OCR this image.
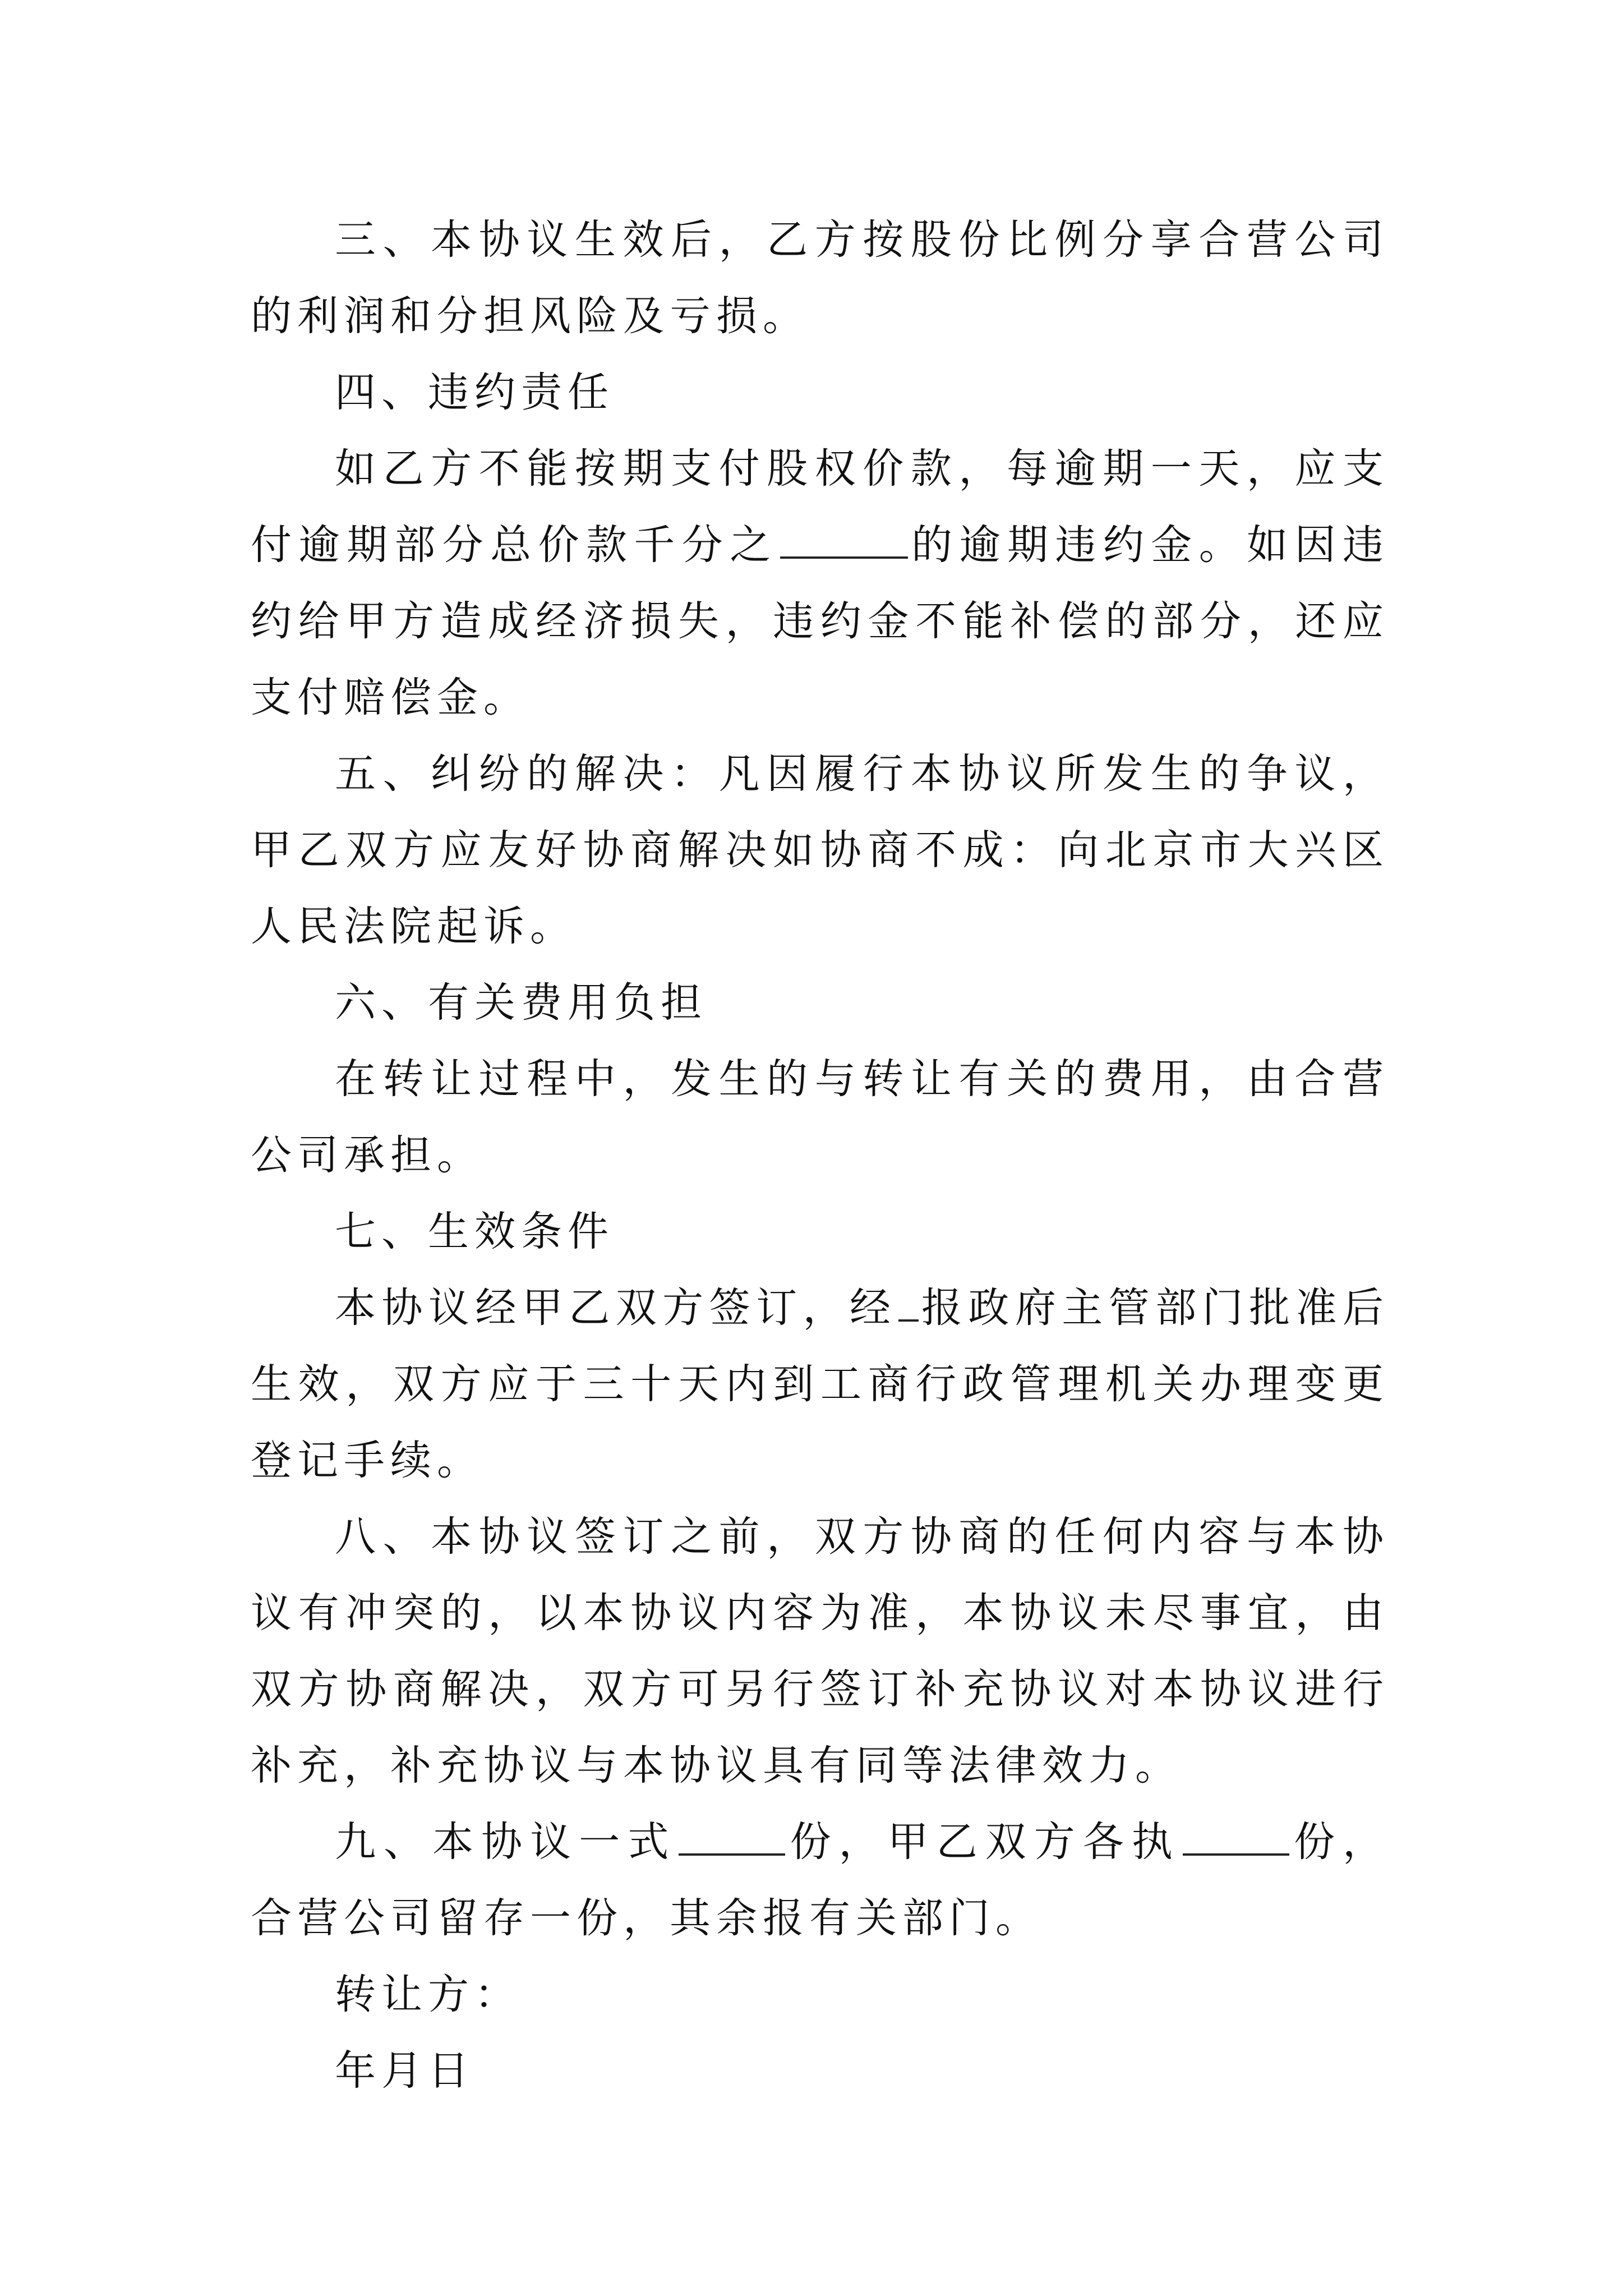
三、本协议生效后，乙方按股份比例分享合营公司的利润和分担风险及亏损。

四、违约责任

如乙方不能按期支付股权价款，每逾期一天，应支付逾期部分总价款千分之	的逾期违约金。如因违约给甲方造成经济损失，违约金不能补偿的部分，还应支付赔偿金。

五、纠纷的解决：凡因履行本协议所发生的争议，甲乙双方应友好协商解决如协商不成：向北京市大兴区人民法院起诉。

六、有关费用负担

在转让过程中，发生的与转让有关的费用，由合营公司承担。

七、生效条件

本协议经甲乙双方签订，经 报政府主管部门批准后生效，双方应于三十天内到工商行政管理机关办理变更登记手续。

八、本协议签订之前，双方协商的任何内容与本协议有冲突的，以本协议内容为准，本协议未尽事宜，由双方协商解决，双方可另行签订补充协议对本协议进行补充，补充协议与本协议具有同等法律效力。

九、本协议一式	份，甲乙双方各执	份，合营公司留存一份，其余报有关部门。

转让方：

年月日
